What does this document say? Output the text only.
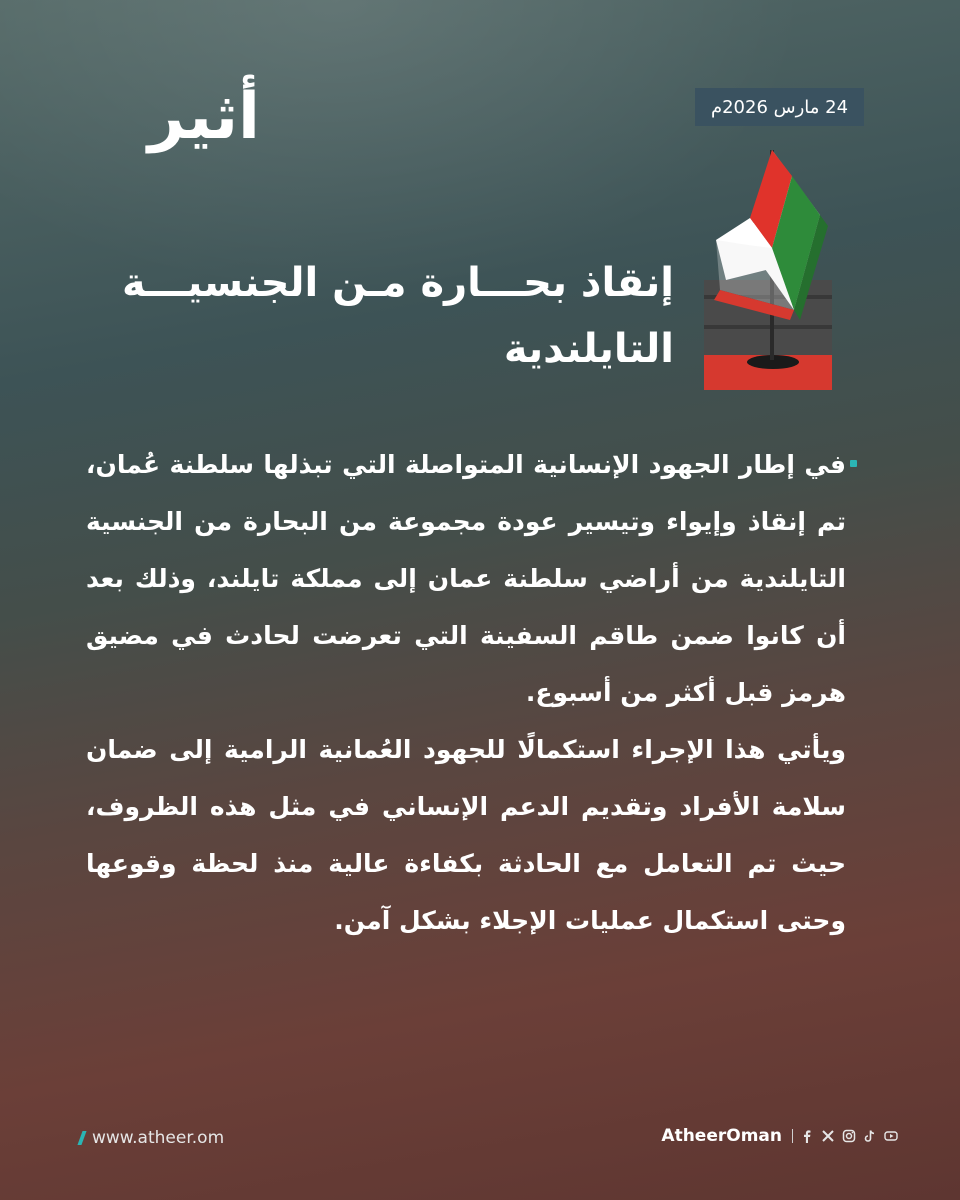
أثير	24 مارس 2026م
إنقاذ بحـــارة مـن الجنسيـــة
التايلندية

في إطار الجهود الإنسانية المتواصلة التي تبذلها سلطنة عُمان، تم إنقاذ وإيواء وتيسير عودة مجموعة من البحارة من الجنسية التايلندية من أراضي سلطنة عمان إلى مملكة تايلند، وذلك بعد أن كانوا ضمن طاقم السفينة التي تعرضت لحادث في مضيق هرمز قبل أكثر من أسبوع.

ويأتي هذا الإجراء استكمالًا للجهود العُمانية الرامية إلى ضمان سلامة الأفراد وتقديم الدعم الإنساني في مثل هذه الظروف، حيث تم التعامل مع الحادثة بكفاءة عالية منذ لحظة وقوعها وحتى استكمال عمليات الإجلاء بشكل آمن.

www.atheer.om	AtheerOman
